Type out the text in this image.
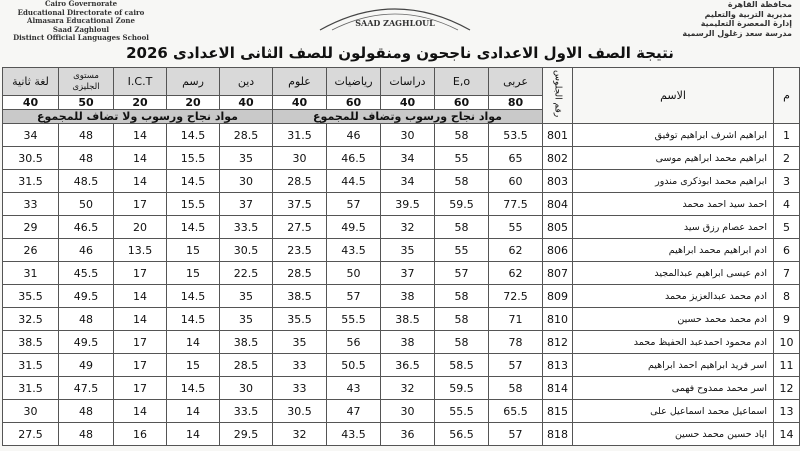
Cairo Governorate
Educational Directorate of cairo
Almasara Educational Zone
Saad Zaghloul
Distinct Official Languages School
SAAD ZAGHLOUL
محافظة القاهرة
مديرية التربية والتعليم
إدارة المعصرة التعليمية
مدرسة سعد زغلول الرسمية
نتيجة الصف الاول الاعدادى ناجحون ومنقولون للصف الثانى الاعدادى 2026
م	الاسم	رقم الجلوس	عربى	E,o	دراسات	رياضيات	علوم	دين	رسم	I.C.T	مستوى الجليزى	لغة ثانية
			80	60	40	60	40	40	20	20	50	40
			مواد نجاح ورسوب وتضاف للمجموع					مواد نجاح ورسوب ولا تضاف للمجموع				
1	ابراهيم اشرف ابراهيم توفيق	801	53.5	58	30	46	31.5	28.5	14.5	14	48	34
2	ابراهيم محمد ابراهيم موسى	802	65	55	34	46.5	30	35	15.5	14	48	30.5
3	ابراهيم محمد ابوذكرى مندور	803	60	58	34	44.5	28.5	30	14.5	14	48.5	31.5
4	احمد سيد احمد محمد	804	77.5	59.5	39.5	57	37.5	37	15.5	17	50	33
5	احمد عصام رزق سيد	805	55	58	32	49.5	27.5	33.5	14.5	20	46.5	29
6	ادم ابراهيم محمد ابراهيم	806	62	55	35	43.5	23.5	30.5	15	13.5	46	26
7	ادم عيسى ابراهيم عبدالمجيد	807	62	57	37	50	28.5	22.5	15	17	45.5	31
8	ادم محمد عبدالعزيز محمد	809	72.5	58	38	57	38.5	35	14.5	14	49.5	35.5
9	ادم محمد محمد حسين	810	71	58	38.5	55.5	35.5	35	14.5	14	48	32.5
10	ادم محمود احمدعبد الحفيظ محمد	812	78	58	38	56	35	38.5	14	17	49.5	38.5
11	اسر فريد ابراهيم احمد ابراهيم	813	57	58.5	36.5	50.5	33	28.5	15	17	49	31.5
12	اسر محمد ممدوح فهمى	814	58	59.5	32	43	33	30	14.5	17	47.5	31.5
13	اسماعيل محمد اسماعيل على	815	65.5	55.5	30	47	30.5	33.5	14	14	48	30
14	اياد حسين محمد حسين	818	57	56.5	36	43.5	32	29.5	14	16	48	27.5
